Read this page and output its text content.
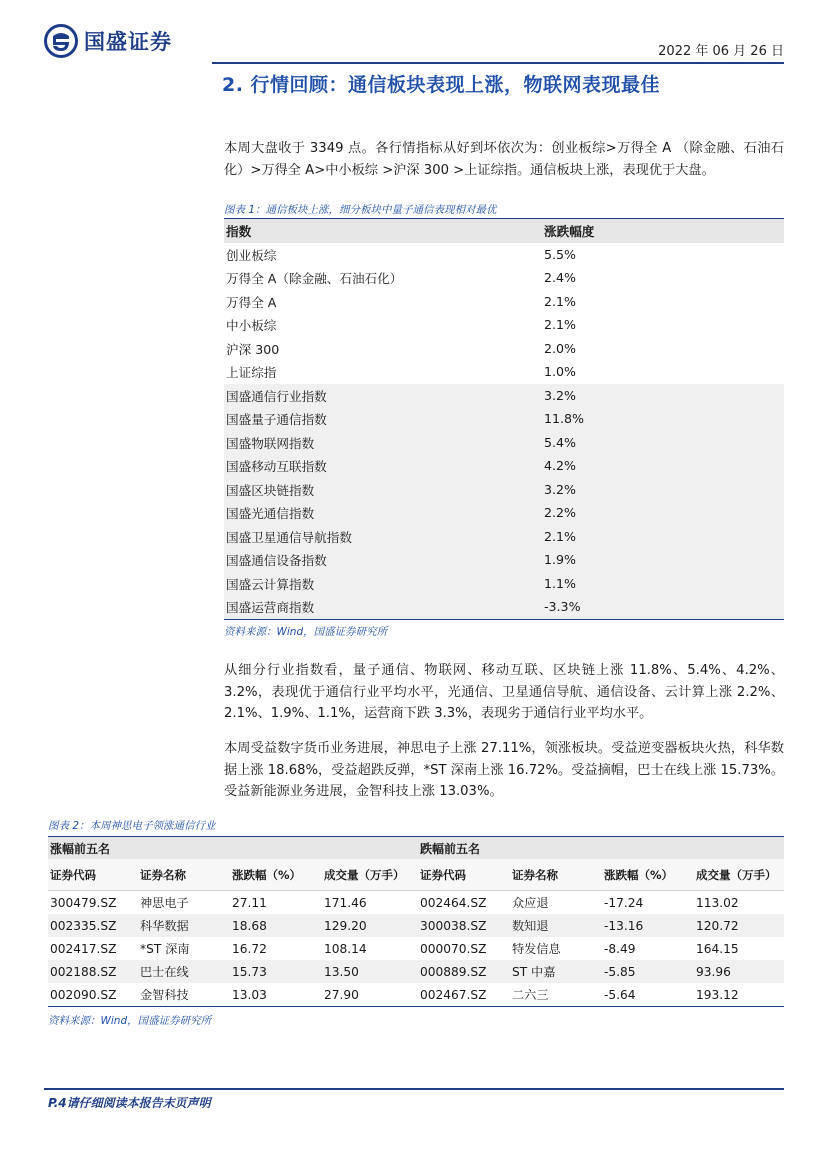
国盛证券	2022 年 06 月 26 日
2. 行情回顾：通信板块表现上涨，物联网表现最佳

本周大盘收于 3349 点。各行情指标从好到坏依次为：创业板综>万得全 A （除金融、石油石化）>万得全 A>中小板综 >沪深 300 >上证综指。通信板块上涨，表现优于大盘。

图表 1：通信板块上涨，细分板块中量子通信表现相对最优
指数	涨跌幅度
创业板综	5.5%
万得全 A（除金融、石油石化）	2.4%
万得全 A	2.1%
中小板综	2.1%
沪深 300	2.0%
上证综指	1.0%
国盛通信行业指数	3.2%
国盛量子通信指数	11.8%
国盛物联网指数	5.4%
国盛移动互联指数	4.2%
国盛区块链指数	3.2%
国盛光通信指数	2.2%
国盛卫星通信导航指数	2.1%
国盛通信设备指数	1.9%
国盛云计算指数	1.1%
国盛运营商指数	-3.3%
资料来源：Wind，国盛证券研究所

从细分行业指数看，量子通信、物联网、移动互联、区块链上涨 11.8%、5.4%、4.2%、3.2%，表现优于通信行业平均水平，光通信、卫星通信导航、通信设备、云计算上涨 2.2%、2.1%、1.9%、1.1%，运营商下跌 3.3%，表现劣于通信行业平均水平。

本周受益数字货币业务进展，神思电子上涨 27.11%，领涨板块。受益逆变器板块火热，科华数据上涨 18.68%，受益超跌反弹，*ST 深南上涨 16.72%。受益摘帽，巴士在线上涨 15.73%。受益新能源业务进展，金智科技上涨 13.03%。

图表 2：本周神思电子领涨通信行业
涨幅前五名	跌幅前五名
证券代码	证券名称	涨跌幅（%）	成交量（万手）	证券代码	证券名称	涨跌幅（%）	成交量（万手）
300479.SZ	神思电子	27.11	171.46	002464.SZ	众应退	-17.24	113.02
002335.SZ	科华数据	18.68	129.20	300038.SZ	数知退	-13.16	120.72
002417.SZ	*ST 深南	16.72	108.14	000070.SZ	特发信息	-8.49	164.15
002188.SZ	巴士在线	15.73	13.50	000889.SZ	ST 中嘉	-5.85	93.96
002090.SZ	金智科技	13.03	27.90	002467.SZ	二六三	-5.64	193.12
资料来源：Wind，国盛证券研究所
P.4请仔细阅读本报告末页声明
